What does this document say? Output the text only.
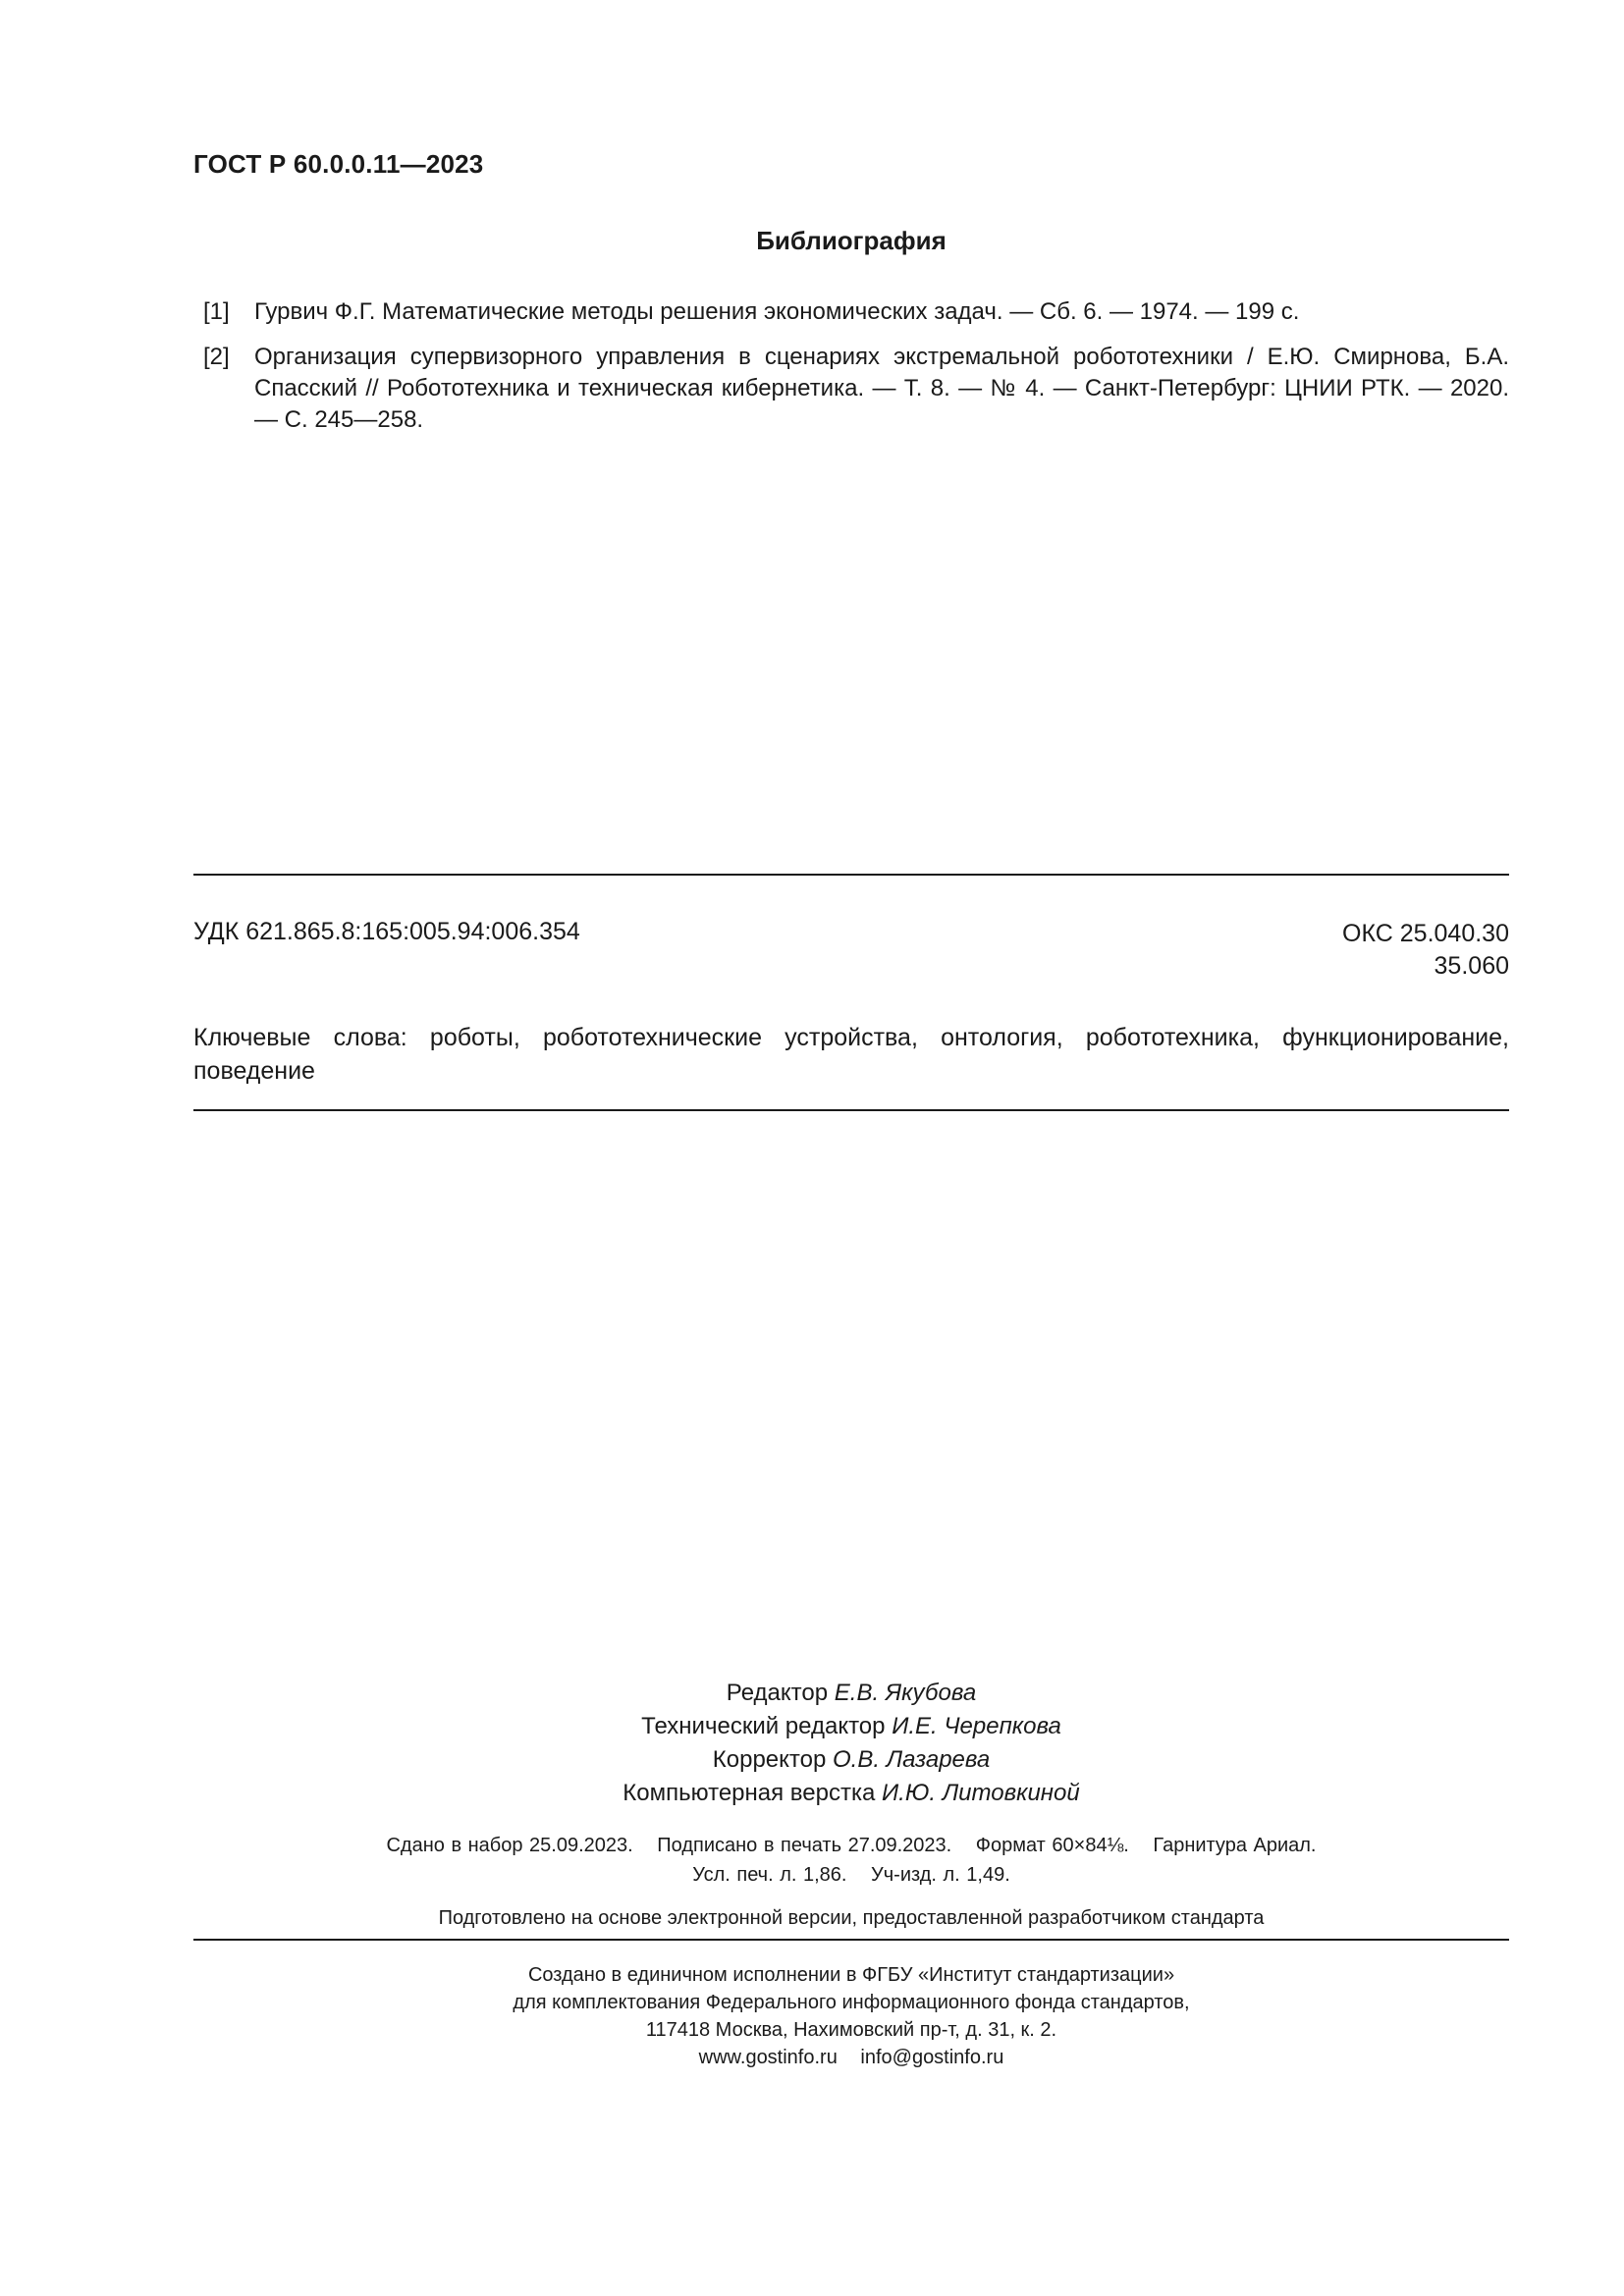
ГОСТ Р 60.0.0.11—2023
Библиография
[1]	Гурвич Ф.Г. Математические методы решения экономических задач. — Сб. 6. — 1974. — 199 с.
[2]	Организация супервизорного управления в сценариях экстремальной робототехники / Е.Ю. Смирнова, Б.А. Спасский // Робототехника и техническая кибернетика. — Т. 8. — № 4. — Санкт-Петербург: ЦНИИ РТК. — 2020. — С. 245—258.
УДК 621.865.8:165:005.94:006.354	ОКС 25.040.30
35.060
Ключевые слова: роботы, робототехнические устройства, онтология, робототехника, функционирование, поведение
Редактор Е.В. Якубова
Технический редактор И.Е. Черепкова
Корректор О.В. Лазарева
Компьютерная верстка И.Ю. Литовкиной
Сдано в набор 25.09.2023. Подписано в печать 27.09.2023. Формат 60×84⅛. Гарнитура Ариал.
Усл. печ. л. 1,86. Уч-изд. л. 1,49.
Подготовлено на основе электронной версии, предоставленной разработчиком стандарта
Создано в единичном исполнении в ФГБУ «Институт стандартизации»
для комплектования Федерального информационного фонда стандартов,
117418 Москва, Нахимовский пр-т, д. 31, к. 2.
www.gostinfo.ru info@gostinfo.ru
